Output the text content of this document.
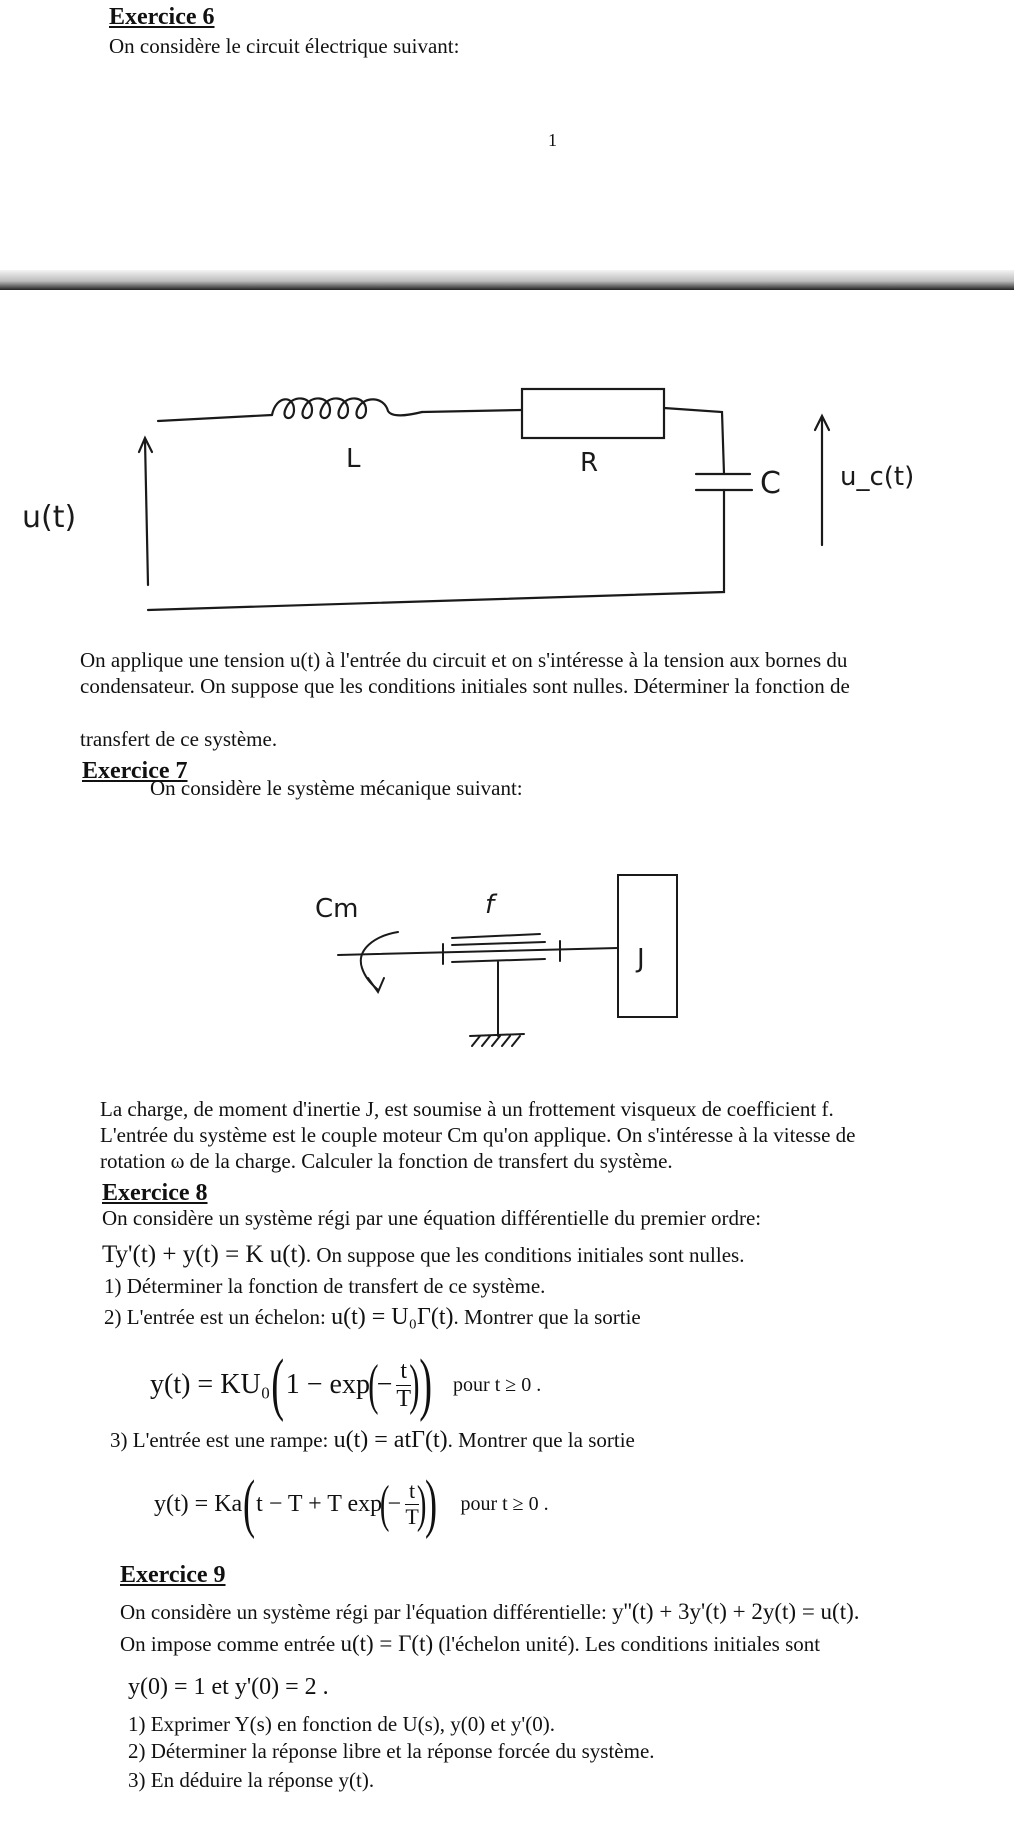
Exercice 6
On considère le circuit électrique suivant:
1
u(t)
L	R
C u_c(t)
On applique une tension u(t) à l'entrée du circuit et on s'intéresse à la tension aux bornes du
condensateur. On suppose que les conditions initiales sont nulles. Déterminer la fonction de
transfert de ce système.
Exercice 7
On considère le système mécanique suivant:
Cm	f
J
La charge, de moment d'inertie J, est soumise à un frottement visqueux de coefficient f.
L'entrée du système est le couple moteur Cm qu'on applique. On s'intéresse à la vitesse de
rotation ω de la charge. Calculer la fonction de transfert du système.
Exercice 8
On considère un système régi par une équation différentielle du premier ordre:
Ty'(t) + y(t) = K u(t). On suppose que les conditions initiales sont nulles.
1) Déterminer la fonction de transfert de ce système.
2) L'entrée est un échelon: u(t) = U₀Γ(t). Montrer que la sortie
y(t) = KU₀ ( 1 − exp
(
− $\frac{t}{T}$
) ) pour t ≥ 0 .
3) L'entrée est une rampe: u(t) = atΓ(t). Montrer que la sortie
y(t) = Ka ( t − T + T exp
(
− $\frac{t}{T}$
)
) pour t ≥ 0 .
Exercice 9
On considère un système régi par l'équation différentielle: y''(t) + 3y'(t) + 2y(t) = u(t).
On impose comme entrée u(t) = Γ(t) (l'échelon unité). Les conditions initiales sont
y(0) = 1 et y'(0) = 2 .
1) Exprimer Y(s) en fonction de U(s), y(0) et y'(0).
2) Déterminer la réponse libre et la réponse forcée du système.
3) En déduire la réponse y(t).
